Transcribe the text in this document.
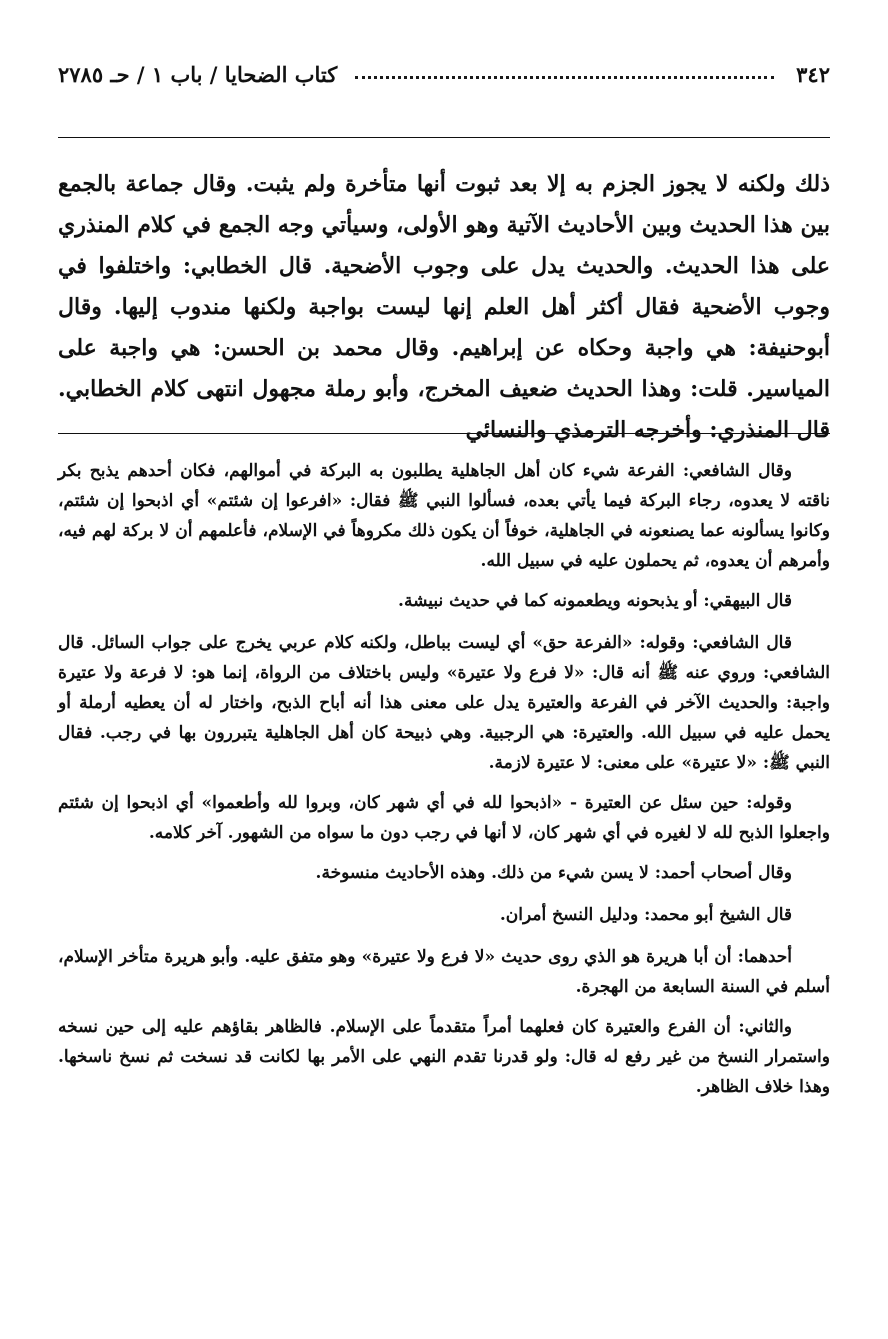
٣٤٢
كتاب الضحايا / باب ١ / حـ ٢٧٨٥
ذلك ولكنه لا يجوز الجزم به إلا بعد ثبوت أنها متأخرة ولم يثبت. وقال جماعة بالجمع بين هذا الحديث وبين الأحاديث الآتية وهو الأولى، وسيأتي وجه الجمع في كلام المنذري على هذا الحديث. والحديث يدل على وجوب الأضحية. قال الخطابي: واختلفوا في وجوب الأضحية فقال أكثر أهل العلم إنها ليست بواجبة ولكنها مندوب إليها. وقال أبوحنيفة: هي واجبة وحكاه عن إبراهيم. وقال محمد بن الحسن: هي واجبة على المياسير. قلت: وهذا الحديث ضعيف المخرج، وأبو رملة مجهول انتهى كلام الخطابي. قال المنذري: وأخرجه الترمذي والنسائي

وقال الشافعي: الفرعة شيء كان أهل الجاهلية يطلبون به البركة في أموالهم، فكان أحدهم يذبح بكر ناقته لا يعدوه، رجاء البركة فيما يأتي بعده، فسألوا النبي ﷺ فقال: «افرعوا إن شئتم» أي اذبحوا إن شئتم، وكانوا يسألونه عما يصنعونه في الجاهلية، خوفاً أن يكون ذلك مكروهاً في الإسلام، فأعلمهم أن لا بركة لهم فيه، وأمرهم أن يعدوه، ثم يحملون عليه في سبيل الله.

قال البيهقي: أو يذبحونه ويطعمونه كما في حديث نبيشة.

قال الشافعي: وقوله: «الفرعة حق» أي ليست بباطل، ولكنه كلام عربي يخرج على جواب السائل. قال الشافعي: وروي عنه ﷺ أنه قال: «لا فرع ولا عتيرة» وليس باختلاف من الرواة، إنما هو: لا فرعة ولا عتيرة واجبة: والحديث الآخر في الفرعة والعتيرة يدل على معنى هذا أنه أباح الذبح، واختار له أن يعطيه أرملة أو يحمل عليه في سبيل الله. والعتيرة: هي الرجبية. وهي ذبيحة كان أهل الجاهلية يتبررون بها في رجب. فقال النبي ﷺ: «لا عتيرة» على معنى: لا عتيرة لازمة.

وقوله: حين سئل عن العتيرة - «اذبحوا لله في أي شهر كان، وبروا لله وأطعموا» أي اذبحوا إن شئتم واجعلوا الذبح لله لا لغيره في أي شهر كان، لا أنها في رجب دون ما سواه من الشهور. آخر كلامه.

وقال أصحاب أحمد: لا يسن شيء من ذلك. وهذه الأحاديث منسوخة.

قال الشيخ أبو محمد: ودليل النسخ أمران.

أحدهما: أن أبا هريرة هو الذي روى حديث «لا فرع ولا عتيرة» وهو متفق عليه. وأبو هريرة متأخر الإسلام، أسلم في السنة السابعة من الهجرة.

والثاني: أن الفرع والعتيرة كان فعلهما أمراً متقدماً على الإسلام. فالظاهر بقاؤهم عليه إلى حين نسخه واستمرار النسخ من غير رفع له قال: ولو قدرنا تقدم النهي على الأمر بها لكانت قد نسخت ثم نسخ ناسخها. وهذا خلاف الظاهر.
